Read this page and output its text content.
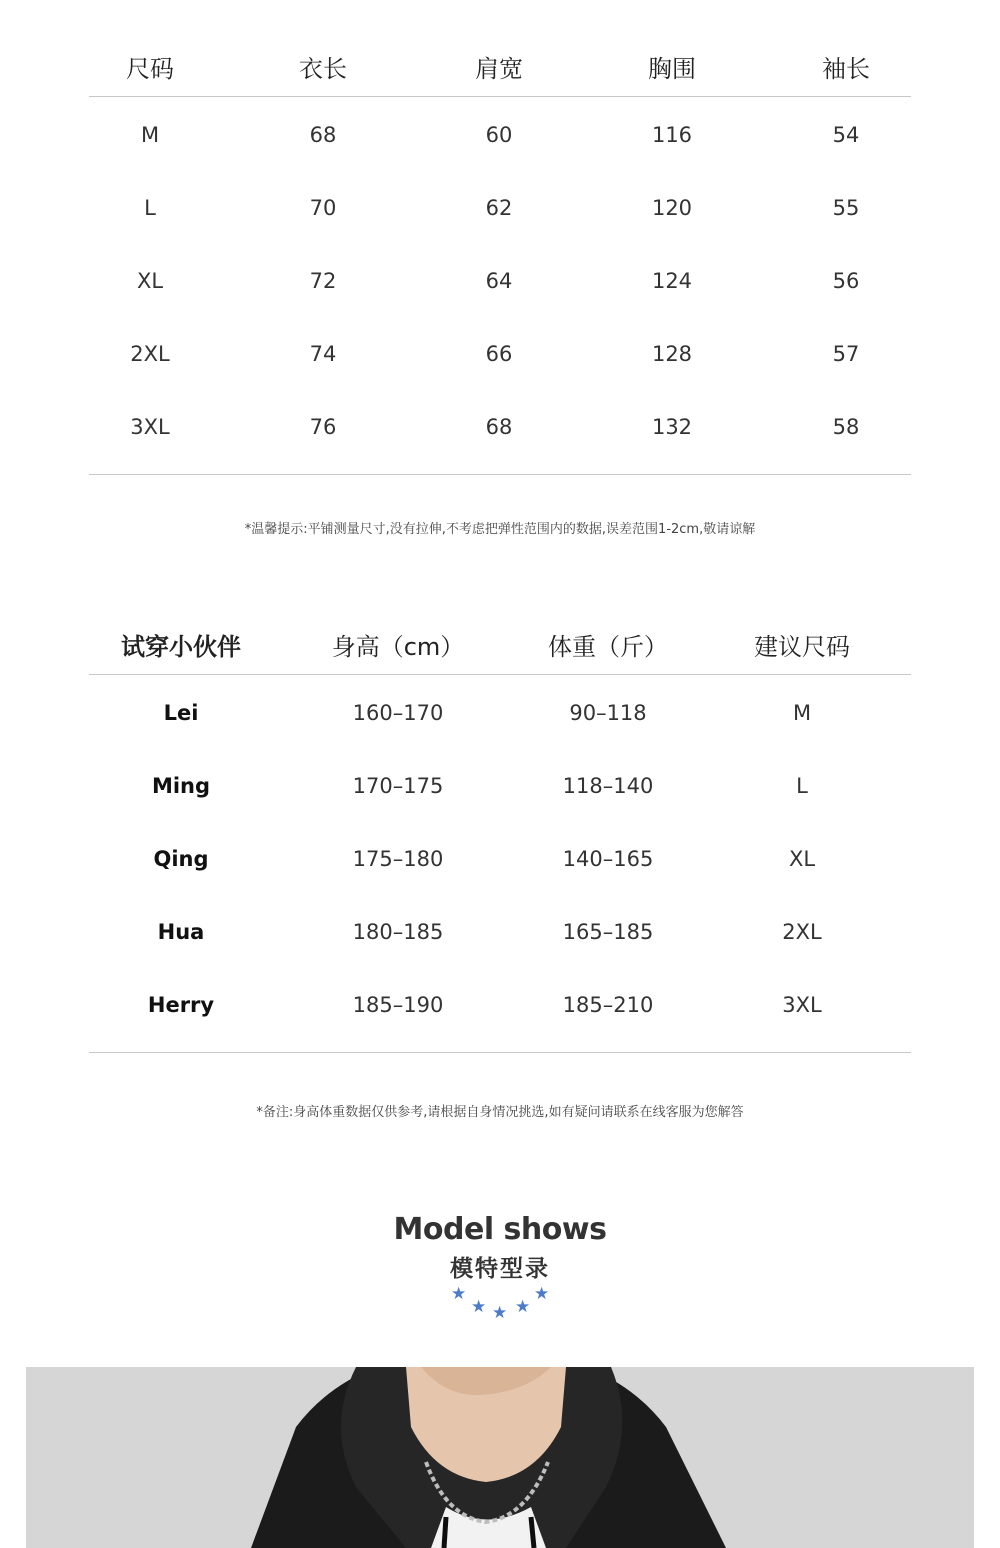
尺码	衣长	肩宽	胸围	袖长
M	68	60	116	54
L	70	62	120	55
XL	72	64	124	56
2XL	74	66	128	57
3XL	76	68	132	58
*温馨提示:平铺测量尺寸,没有拉伸,不考虑把弹性范围内的数据,误差范围1-2cm,敬请谅解
试穿小伙伴	身高（cm）	体重（斤）	建议尺码
Lei	160–170	90–118	M
Ming	170–175	118–140	L
Qing	175–180	140–165	XL
Hua	180–185	165–185	2XL
Herry	185–190	185–210	3XL
*备注:身高体重数据仅供参考,请根据自身情况挑选,如有疑问请联系在线客服为您解答
Model shows
模特型录
★
★ ★ ★
★
